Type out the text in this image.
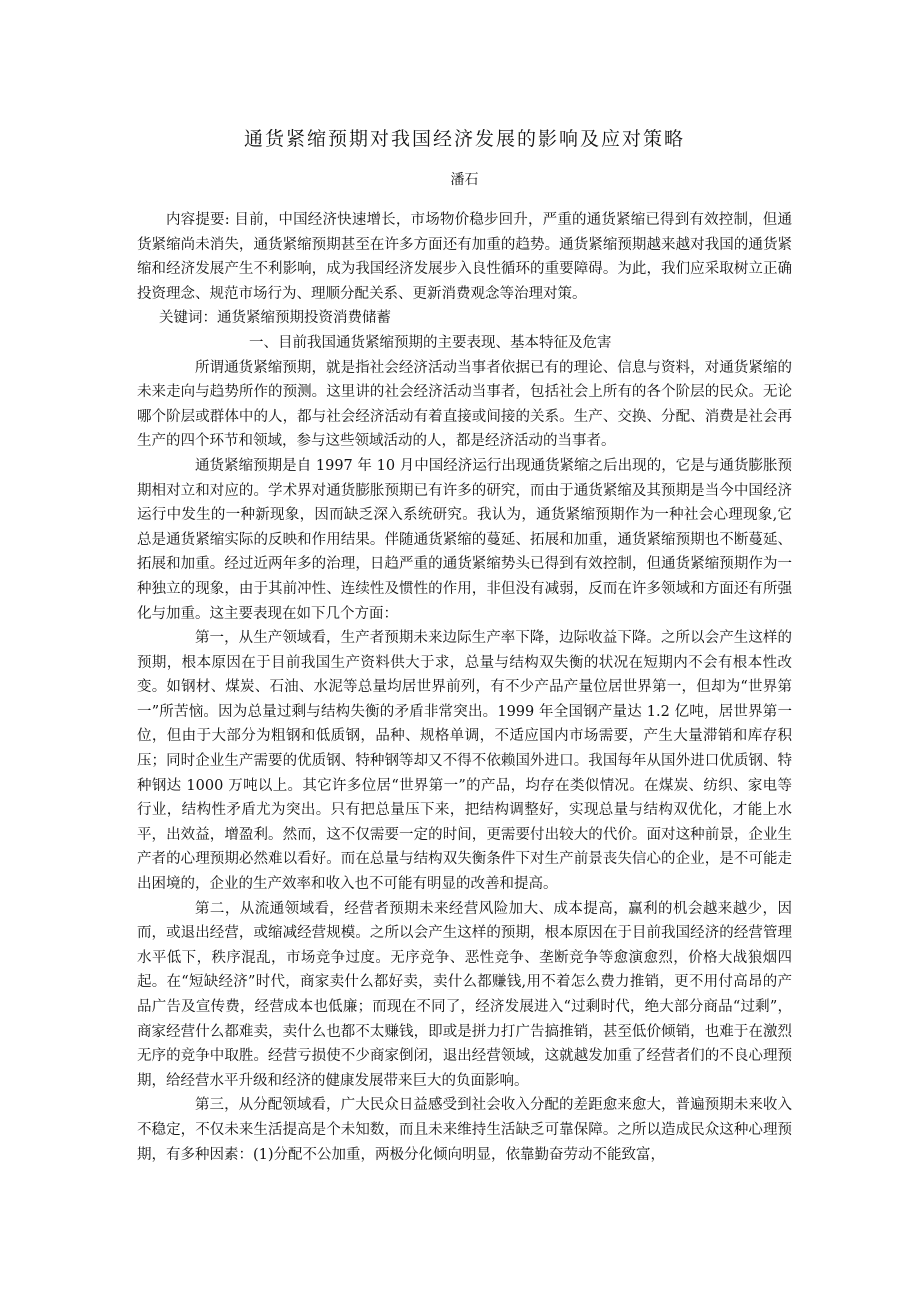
通货紧缩预期对我国经济发展的影响及应对策略
潘石

内容提要: 目前，中国经济快速增长，市场物价稳步回升，严重的通货紧缩已得到有效控制，但通货紧缩尚未消失，通货紧缩预期甚至在许多方面还有加重的趋势。通货紧缩预期越来越对我国的通货紧缩和经济发展产生不利影响，成为我国经济发展步入良性循环的重要障碍。为此，我们应采取树立正确投资理念、规范市场行为、理顺分配关系、更新消费观念等治理对策。

关键词：通货紧缩预期投资消费储蓄

一、目前我国通货紧缩预期的主要表现、基本特征及危害

所谓通货紧缩预期，就是指社会经济活动当事者依据已有的理论、信息与资料，对通货紧缩的未来走向与趋势所作的预测。这里讲的社会经济活动当事者，包括社会上所有的各个阶层的民众。无论哪个阶层或群体中的人，都与社会经济活动有着直接或间接的关系。生产、交换、分配、消费是社会再生产的四个环节和领域，参与这些领域活动的人，都是经济活动的当事者。

通货紧缩预期是自 1997 年 10 月中国经济运行出现通货紧缩之后出现的，它是与通货膨胀预期相对立和对应的。学术界对通货膨胀预期已有许多的研究，而由于通货紧缩及其预期是当今中国经济运行中发生的一种新现象，因而缺乏深入系统研究。我认为，通货紧缩预期作为一种社会心理现象,它总是通货紧缩实际的反映和作用结果。伴随通货紧缩的蔓延、拓展和加重，通货紧缩预期也不断蔓延、拓展和加重。经过近两年多的治理，日趋严重的通货紧缩势头已得到有效控制，但通货紧缩预期作为一种独立的现象，由于其前冲性、连续性及惯性的作用，非但没有减弱，反而在许多领域和方面还有所强化与加重。这主要表现在如下几个方面：

第一，从生产领域看，生产者预期未来边际生产率下降，边际收益下降。之所以会产生这样的预期，根本原因在于目前我国生产资料供大于求，总量与结构双失衡的状况在短期内不会有根本性改变。如钢材、煤炭、石油、水泥等总量均居世界前列，有不少产品产量位居世界第一，但却为“世界第一”所苦恼。因为总量过剩与结构失衡的矛盾非常突出。1999 年全国钢产量达 1.2 亿吨，居世界第一位，但由于大部分为粗钢和低质钢，品种、规格单调，不适应国内市场需要，产生大量滞销和库存积压；同时企业生产需要的优质钢、特种钢等却又不得不依赖国外进口。我国每年从国外进口优质钢、特种钢达 1000 万吨以上。其它许多位居“世界第一”的产品，均存在类似情况。在煤炭、纺织、家电等行业，结构性矛盾尤为突出。只有把总量压下来，把结构调整好，实现总量与结构双优化，才能上水平，出效益，增盈利。然而，这不仅需要一定的时间，更需要付出较大的代价。面对这种前景，企业生产者的心理预期必然难以看好。而在总量与结构双失衡条件下对生产前景丧失信心的企业，是不可能走出困境的，企业的生产效率和收入也不可能有明显的改善和提高。

第二，从流通领域看，经营者预期未来经营风险加大、成本提高，赢利的机会越来越少，因而，或退出经营，或缩减经营规模。之所以会产生这样的预期，根本原因在于目前我国经济的经营管理水平低下，秩序混乱，市场竞争过度。无序竞争、恶性竞争、垄断竞争等愈演愈烈，价格大战狼烟四起。在“短缺经济”时代，商家卖什么都好卖，卖什么都赚钱,用不着怎么费力推销，更不用付高昂的产品广告及宣传费，经营成本也低廉；而现在不同了，经济发展进入“过剩时代，绝大部分商品“过剩”，商家经营什么都难卖，卖什么也都不太赚钱，即或是拼力打广告搞推销，甚至低价倾销，也难于在激烈无序的竞争中取胜。经营亏损使不少商家倒闭，退出经营领域，这就越发加重了经营者们的不良心理预期，给经营水平升级和经济的健康发展带来巨大的负面影响。

第三，从分配领域看，广大民众日益感受到社会收入分配的差距愈来愈大，普遍预期未来收入不稳定，不仅未来生活提高是个未知数，而且未来维持生活缺乏可靠保障。之所以造成民众这种心理预期，有多种因素：(1)分配不公加重，两极分化倾向明显，依靠勤奋劳动不能致富，
